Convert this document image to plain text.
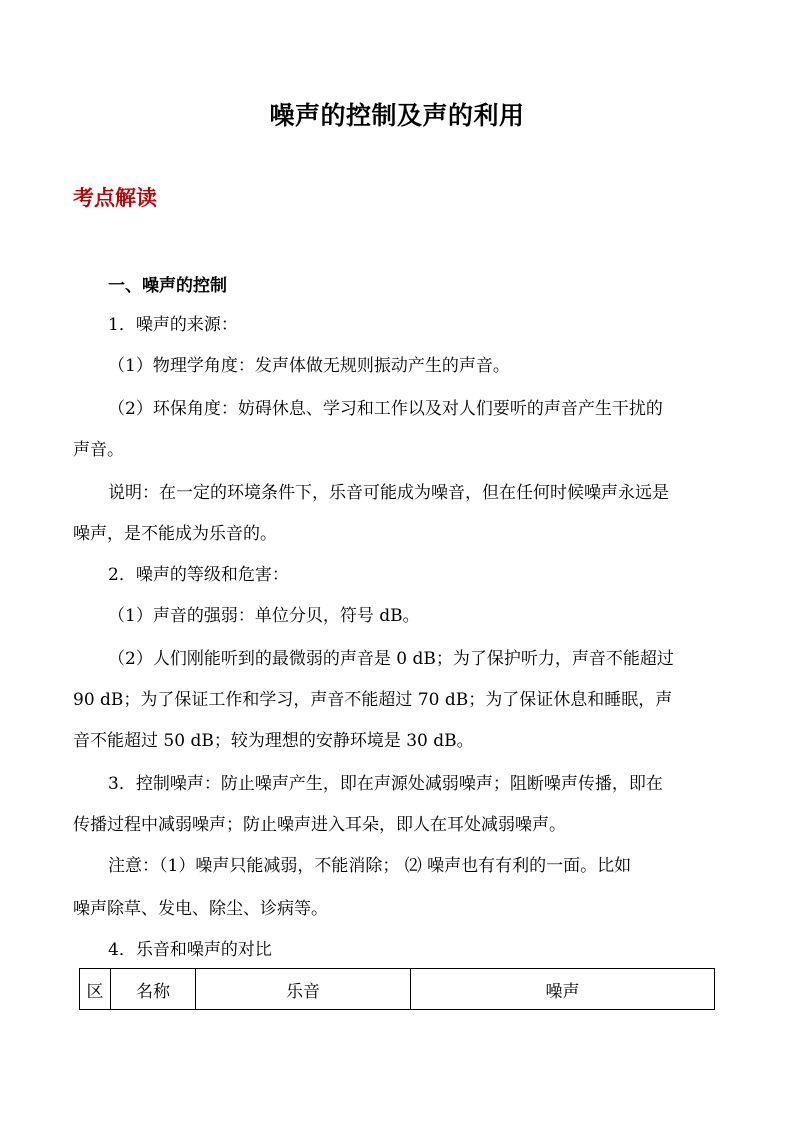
噪声的控制及声的利用
考点解读
一、噪声的控制
1．噪声的来源：
（1）物理学角度：发声体做无规则振动产生的声音。
（2）环保角度：妨碍休息、学习和工作以及对人们要听的声音产生干扰的
声音。
说明：在一定的环境条件下，乐音可能成为噪音，但在任何时候噪声永远是
噪声，是不能成为乐音的。
2．噪声的等级和危害：
（1）声音的强弱：单位分贝，符号 dB。
（2）人们刚能听到的最微弱的声音是 0 dB；为了保护听力，声音不能超过
90 dB；为了保证工作和学习，声音不能超过 70 dB；为了保证休息和睡眠，声
音不能超过 50 dB；较为理想的安静环境是 30 dB。
3．控制噪声：防止噪声产生，即在声源处减弱噪声；阻断噪声传播，即在
传播过程中减弱噪声；防止噪声进入耳朵，即人在耳处减弱噪声。
注意：（1）噪声只能减弱，不能消除； ⑵ 噪声也有有利的一面。比如
噪声除草、发电、除尘、诊病等。
4．乐音和噪声的对比
区	名称	乐音	噪声
